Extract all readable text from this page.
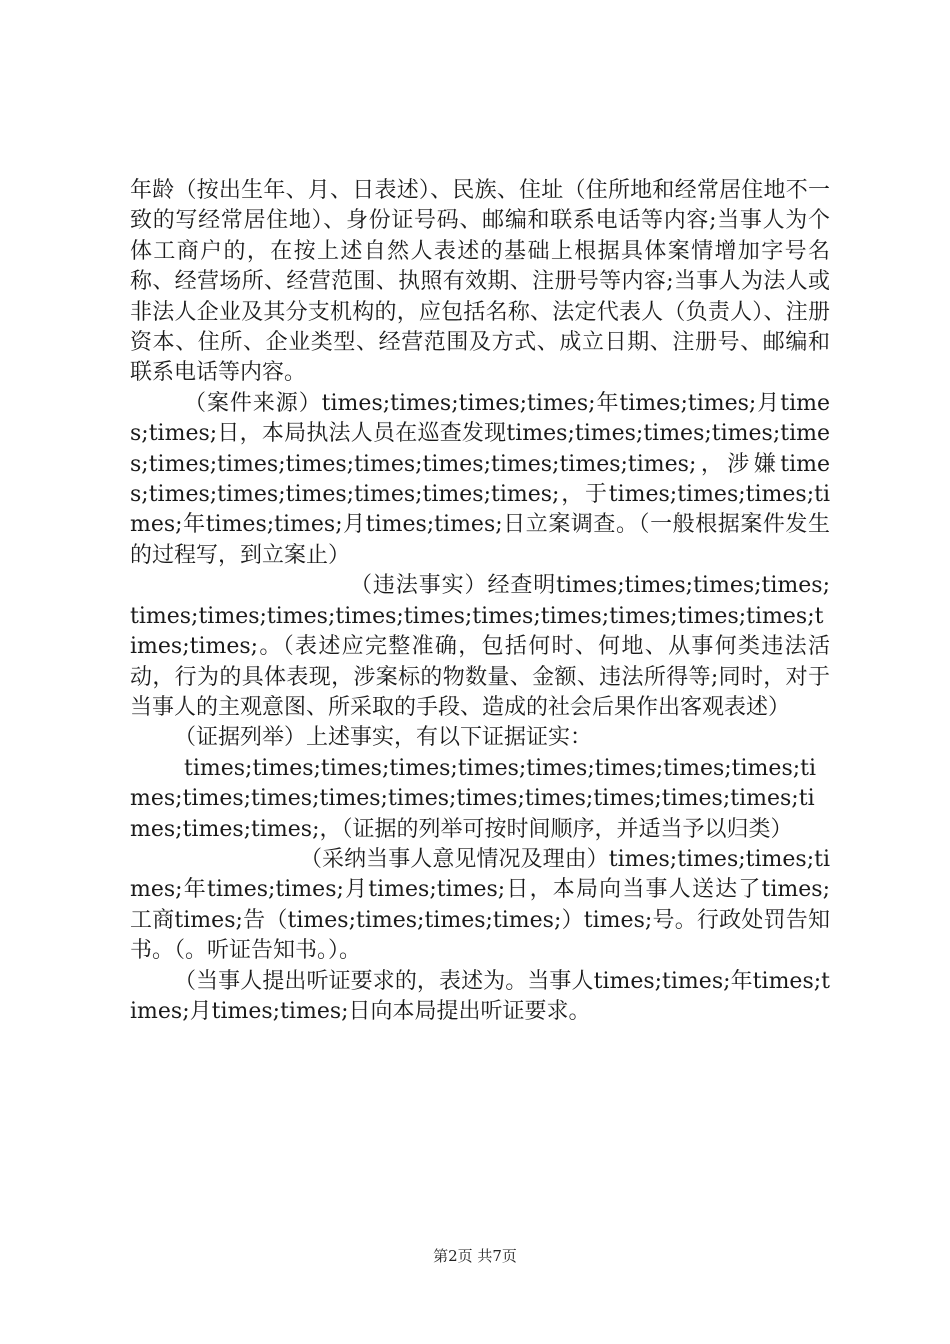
年龄（按出生年、月、日表述）、民族、住址（住所地和经常居住地不一致的写经常居住地）、身份证号码、邮编和联系电话等内容;当事人为个体工商户的，在按上述自然人表述的基础上根据具体案情增加字号名称、经营场所、经营范围、执照有效期、注册号等内容;当事人为法人或非法人企业及其分支机构的，应包括名称、法定代表人（负责人）、注册资本、住所、企业类型、经营范围及方式、成立日期、注册号、邮编和联系电话等内容。

（案件来源）times;times;times;times;年times;times;月times;times;日，本局执法人员在巡查发现times;times;times;times;times;times;times;times;times;times;times;times;times;，涉嫌times;times;times;times;times;times;times;，于times;times;times;times;年times;times;月times;times;日立案调查。（一般根据案件发生的过程写，到立案止）

（违法事实）经查明times;times;times;times;times;times;times;times;times;times;times;times;times;times;times;times;。（表述应完整准确，包括何时、何地、从事何类违法活动，行为的具体表现，涉案标的物数量、金额、违法所得等;同时，对于当事人的主观意图、所采取的手段、造成的社会后果作出客观表述）

（证据列举）上述事实，有以下证据证实：

times;times;times;times;times;times;times;times;times;times;times;times;times;times;times;times;times;times;times;times;times;times;，（证据的列举可按时间顺序，并适当予以归类）

（采纳当事人意见情况及理由）times;times;times;times;年times;times;月times;times;日，本局向当事人送达了times;工商times;告（times;times;times;times;）times;号。行政处罚告知书。（。听证告知书。）。

（当事人提出听证要求的，表述为。当事人times;times;年times;times;月times;times;日向本局提出听证要求。

第2页 共7页
